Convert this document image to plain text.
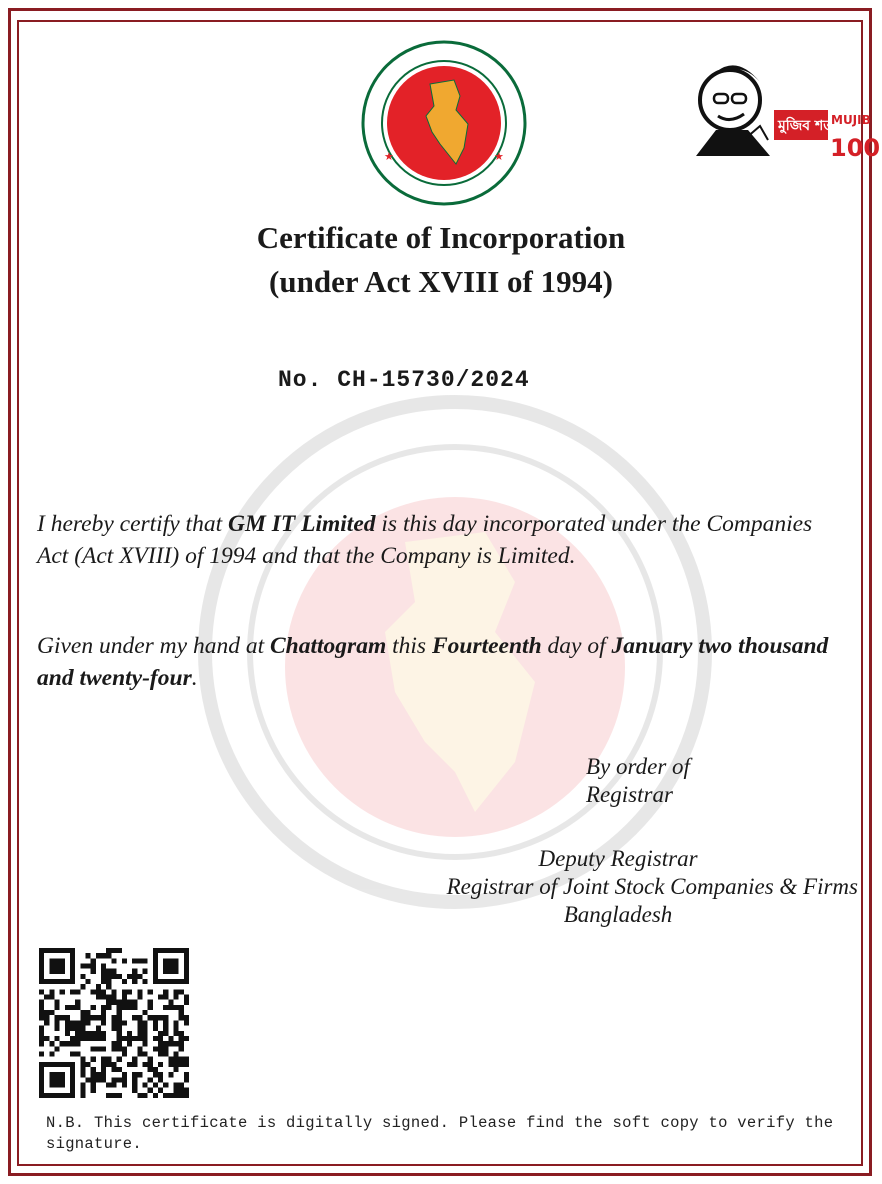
★	★
মুজিব শতবর্ষ
MUJIB
100
Certificate of Incorporation
(under Act XVIII of 1994)
No. CH-15730/2024

I hereby certify that GM IT Limited is this day incorporated under the Companies Act (Act XVIII) of 1994 and that the Company is Limited.

Given under my hand at Chattogram this Fourteenth day of January two thousand and twenty-four.

By order of
Registrar
Deputy Registrar
Registrar of Joint Stock Companies & Firms
Bangladesh

N.B. This certificate is digitally signed. Please find the soft copy to verify the signature.
